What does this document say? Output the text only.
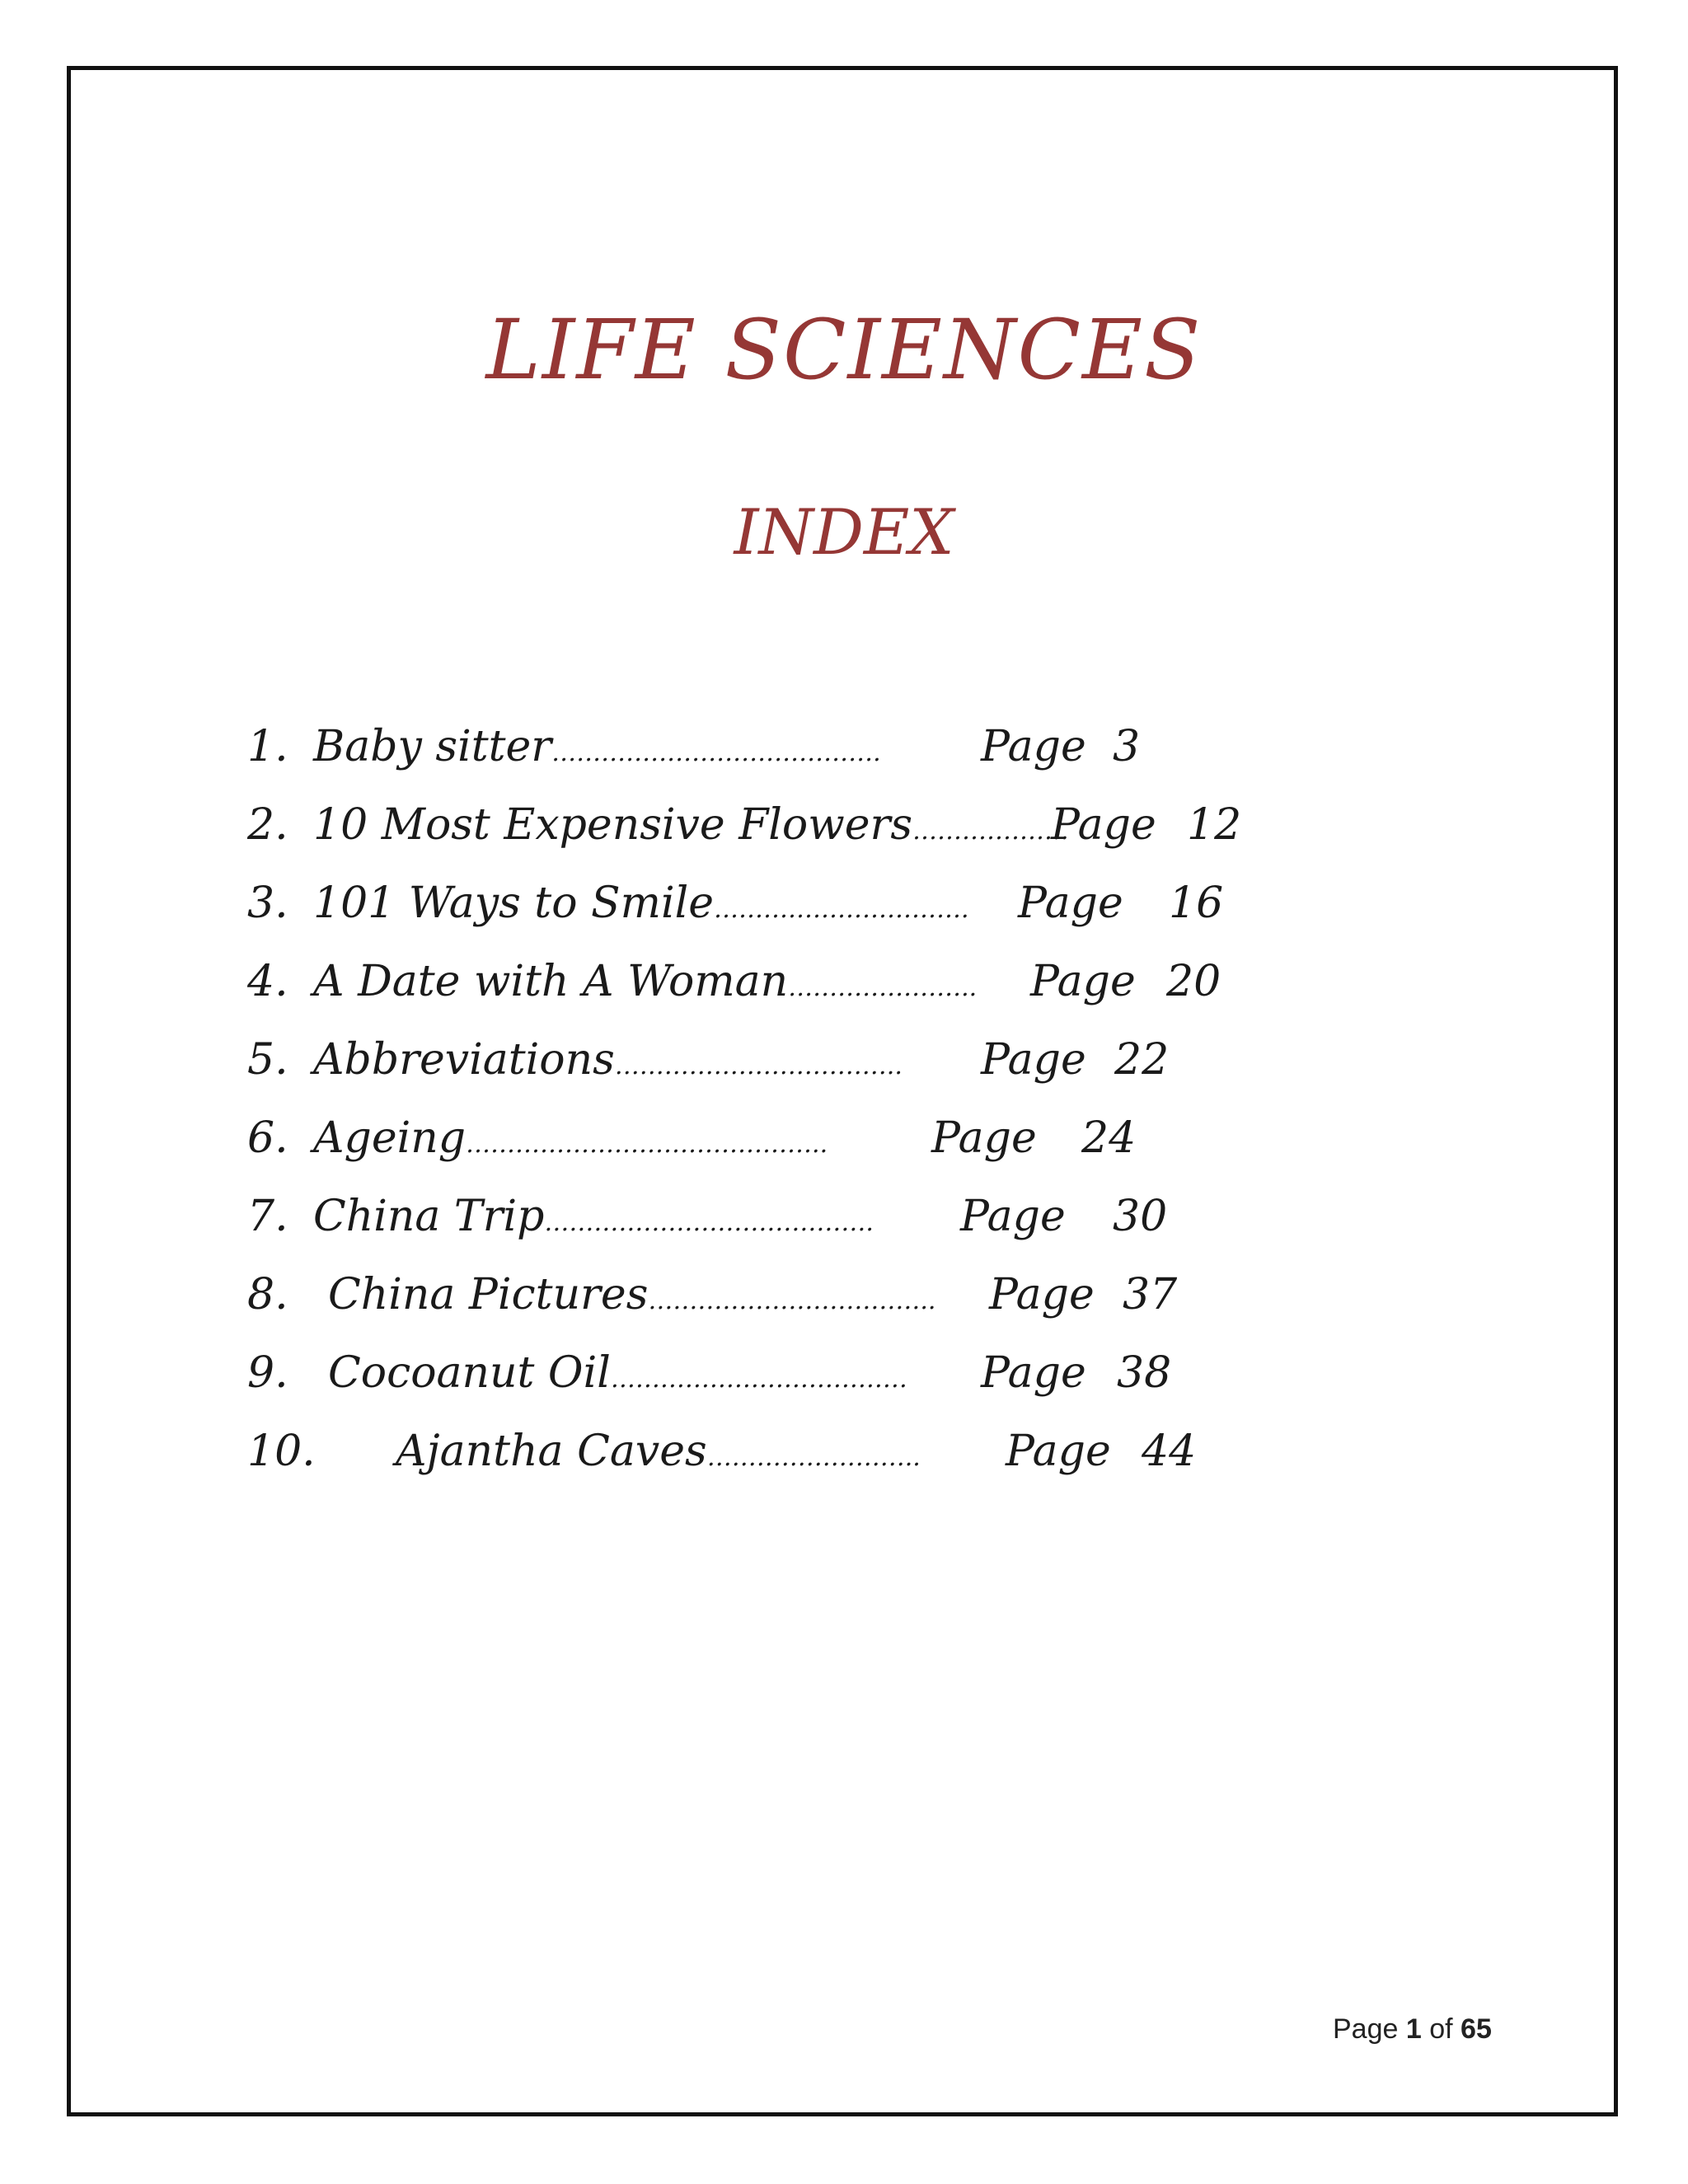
LIFE SCIENCES
INDEX
1. Baby sitter…………………………………. Page 3
2. 10 Most Expensive Flowers……………….
Page 12
3. 101 Ways to Smile…………………………. Page 16
4. A Date with A Woman………………….. Page 20
5. Abbreviations…………………………….. Page 22
6. Ageing…………………………………….. Page 24
7. China Trip…………………………………. Page 30
8. China Pictures…………………………….. Page 37
9. Cocoanut Oil……………………………… Page 38
10. Ajantha Caves…………………….. Page 44
Page 1 of 65
